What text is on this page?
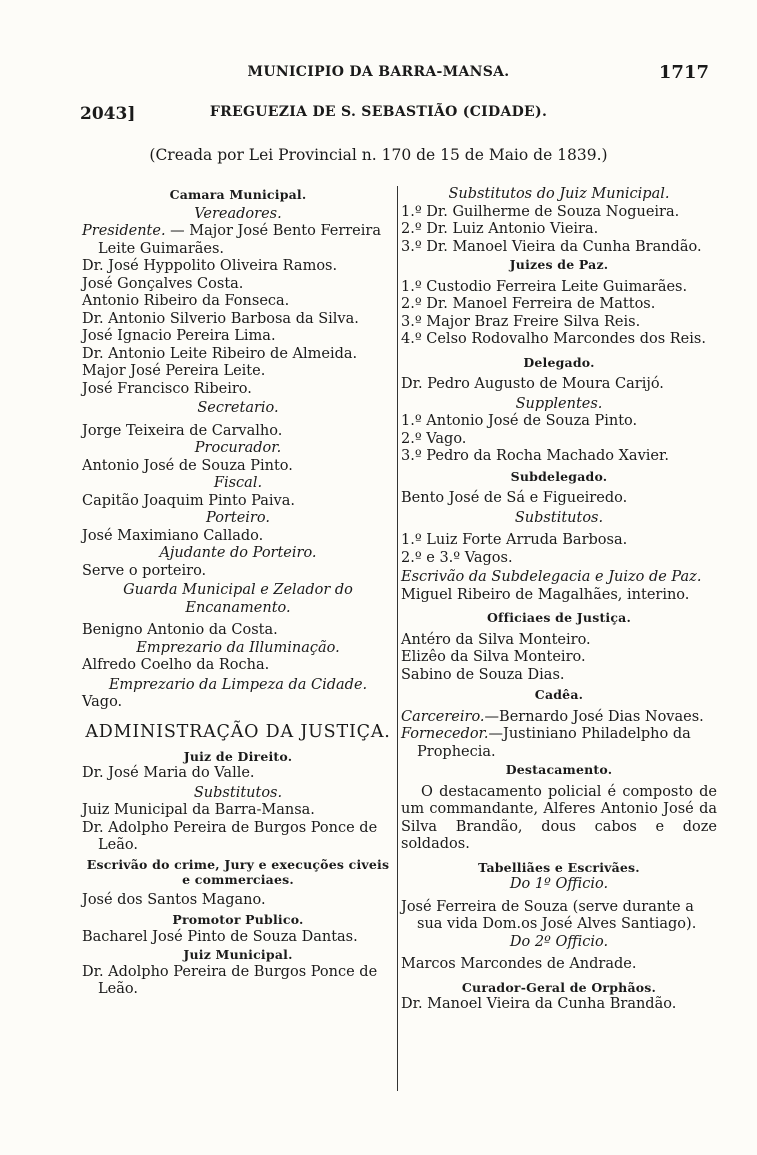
MUNICIPIO DA BARRA-MANSA.	1717
2043]	FREGUEZIA DE S. SEBASTIÃO (CIDADE).
(Creada por Lei Provincial n. 170 de 15 de Maio de 1839.)
Camara Municipal.
Vereadores.
Presidente. — Major José Bento Ferreira Leite Guimarães.
Dr. José Hyppolito Oliveira Ramos.
José Gonçalves Costa.
Antonio Ribeiro da Fonseca.
Dr. Antonio Silverio Barbosa da Silva.
José Ignacio Pereira Lima.
Dr. Antonio Leite Ribeiro de Almeida.
Major José Pereira Leite.
José Francisco Ribeiro.
Secretario.
Jorge Teixeira de Carvalho.
Procurador.
Antonio José de Souza Pinto.
Fiscal.
Capitão Joaquim Pinto Paiva.
Porteiro.
José Maximiano Callado.
Ajudante do Porteiro.
Serve o porteiro.
Guarda Municipal e Zelador do Encanamento.
Benigno Antonio da Costa.
Emprezario da Illuminação.
Alfredo Coelho da Rocha.
Emprezario da Limpeza da Cidade.
Vago.
ADMINISTRAÇÃO DA JUSTIÇA.
Juiz de Direito.
Dr. José Maria do Valle.
Substitutos.
Juiz Municipal da Barra-Mansa.
Dr. Adolpho Pereira de Burgos Ponce de Leão.
Escrivão do crime, Jury e execuções civeis e commerciaes.
José dos Santos Magano.
Promotor Publico.
Bacharel José Pinto de Souza Dantas.
Juiz Municipal.
Dr. Adolpho Pereira de Burgos Ponce de Leão.
Substitutos do Juiz Municipal.
1.º Dr. Guilherme de Souza Nogueira.
2.º Dr. Luiz Antonio Vieira.
3.º Dr. Manoel Vieira da Cunha Brandão.
Juizes de Paz.
1.º Custodio Ferreira Leite Guimarães.
2.º Dr. Manoel Ferreira de Mattos.
3.º Major Braz Freire Silva Reis.
4.º Celso Rodovalho Marcondes dos Reis.
Delegado.
Dr. Pedro Augusto de Moura Carijó.
Supplentes.
1.º Antonio José de Souza Pinto.
2.º Vago.
3.º Pedro da Rocha Machado Xavier.
Subdelegado.
Bento José de Sá e Figueiredo.
Substitutos.
1.º Luiz Forte Arruda Barbosa.
2.º e 3.º Vagos.
Escrivão da Subdelegacia e Juizo de Paz.
Miguel Ribeiro de Magalhães, interino.
Officiaes de Justiça.
Antéro da Silva Monteiro.
Elizêo da Silva Monteiro.
Sabino de Souza Dias.
Cadêa.
Carcereiro.—Bernardo José Dias Novaes.
Fornecedor.—Justiniano Philadelpho da Prophecia.
Destacamento.
O destacamento policial é composto de um commandante, Alferes Antonio José da Silva Brandão, dous cabos e doze soldados.
Tabelliães e Escrivães.
Do 1º Officio.
José Ferreira de Souza (serve durante a sua vida Dom.os José Alves Santiago).
Do 2º Officio.
Marcos Marcondes de Andrade.
Curador-Geral de Orphãos.
Dr. Manoel Vieira da Cunha Brandão.
